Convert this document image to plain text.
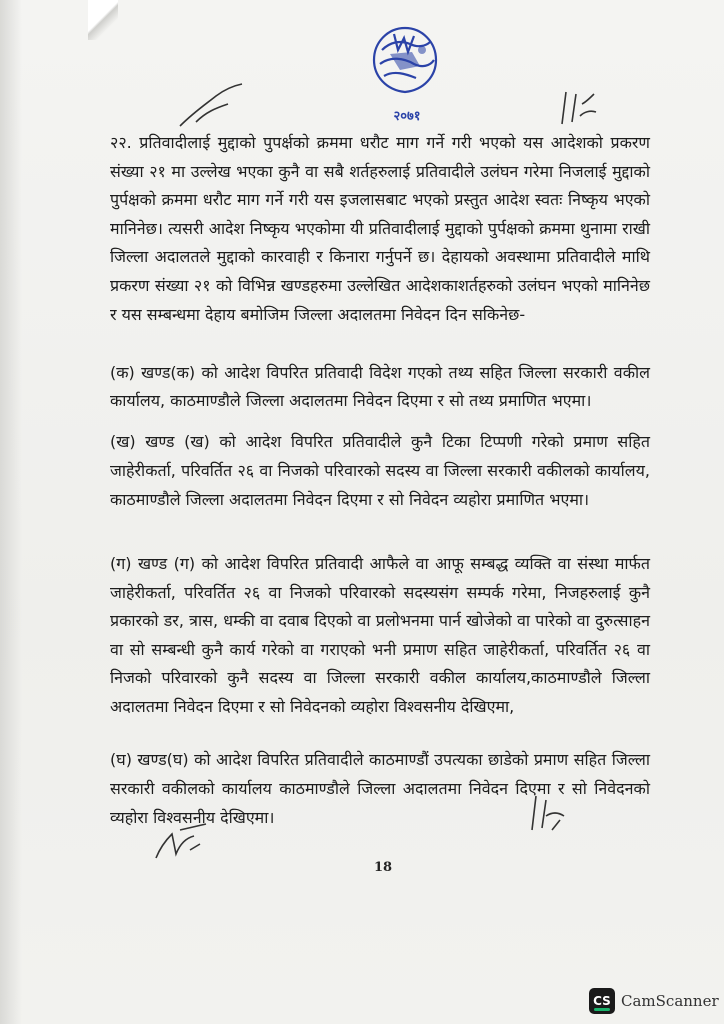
२०७१
२२. प्रतिवादीलाई मुद्दाको पुपर्क्षको क्रममा धरौट माग गर्ने गरी भएको यस आदेशको प्रकरण संख्या २१ मा उल्लेख भएका कुनै वा सबै शर्तहरुलाई प्रतिवादीले उलंघन गरेमा निजलाई मुद्दाको पुर्पक्षको क्रममा धरौट माग गर्ने गरी यस इजलासबाट भएको प्रस्तुत आदेश स्वतः निष्कृय भएको मानिनेछ। त्यसरी आदेश निष्कृय भएकोमा यी प्रतिवादीलाई मुद्दाको पुर्पक्षको क्रममा थुनामा राखी जिल्ला अदालतले मुद्दाको कारवाही र किनारा गर्नुपर्ने छ। देहायको अवस्थामा प्रतिवादीले माथि प्रकरण संख्या २१ को विभिन्न खण्डहरुमा उल्लेखित आदेशकाशर्तहरुको उलंघन भएको मानिनेछ र यस सम्बन्धमा देहाय बमोजिम जिल्ला अदालतमा निवेदन दिन सकिनेछ-
(क) खण्ड(क) को आदेश विपरित प्रतिवादी विदेश गएको तथ्य सहित जिल्ला सरकारी वकील कार्यालय, काठमाण्डौले जिल्ला अदालतमा निवेदन दिएमा र सो तथ्य प्रमाणित भएमा।
(ख) खण्ड (ख) को आदेश विपरित प्रतिवादीले कुनै टिका टिप्पणी गरेको प्रमाण सहित जाहेरीकर्ता, परिवर्तित २६ वा निजको परिवारको सदस्य वा जिल्ला सरकारी वकीलको कार्यालय, काठमाण्डौले जिल्ला अदालतमा निवेदन दिएमा र सो निवेदन व्यहोरा प्रमाणित भएमा।
(ग) खण्ड (ग) को आदेश विपरित प्रतिवादी आफैले वा आफू सम्बद्ध व्यक्ति वा संस्था मार्फत जाहेरीकर्ता, परिवर्तित २६ वा निजको परिवारको सदस्यसंग सम्पर्क गरेमा, निजहरुलाई कुनै प्रकारको डर, त्रास, धम्की वा दवाब दिएको वा प्रलोभनमा पार्न खोजेको वा पारेको वा दुरुत्साहन वा सो सम्बन्धी कुनै कार्य गरेको वा गराएको भनी प्रमाण सहित जाहेरीकर्ता, परिवर्तित २६ वा निजको परिवारको कुनै सदस्य वा जिल्ला सरकारी वकील कार्यालय,काठमाण्डौले जिल्ला अदालतमा निवेदन दिएमा र सो निवेदनको व्यहोरा विश्वसनीय देखिएमा,
(घ) खण्ड(घ) को आदेश विपरित प्रतिवादीले काठमाण्डौं उपत्यका छाडेको प्रमाण सहित जिल्ला सरकारी वकीलको कार्यालय काठमाण्डौले जिल्ला अदालतमा निवेदन दिएमा र सो निवेदनको व्यहोरा विश्वसनीय देखिएमा।
18
CS CamScanner
